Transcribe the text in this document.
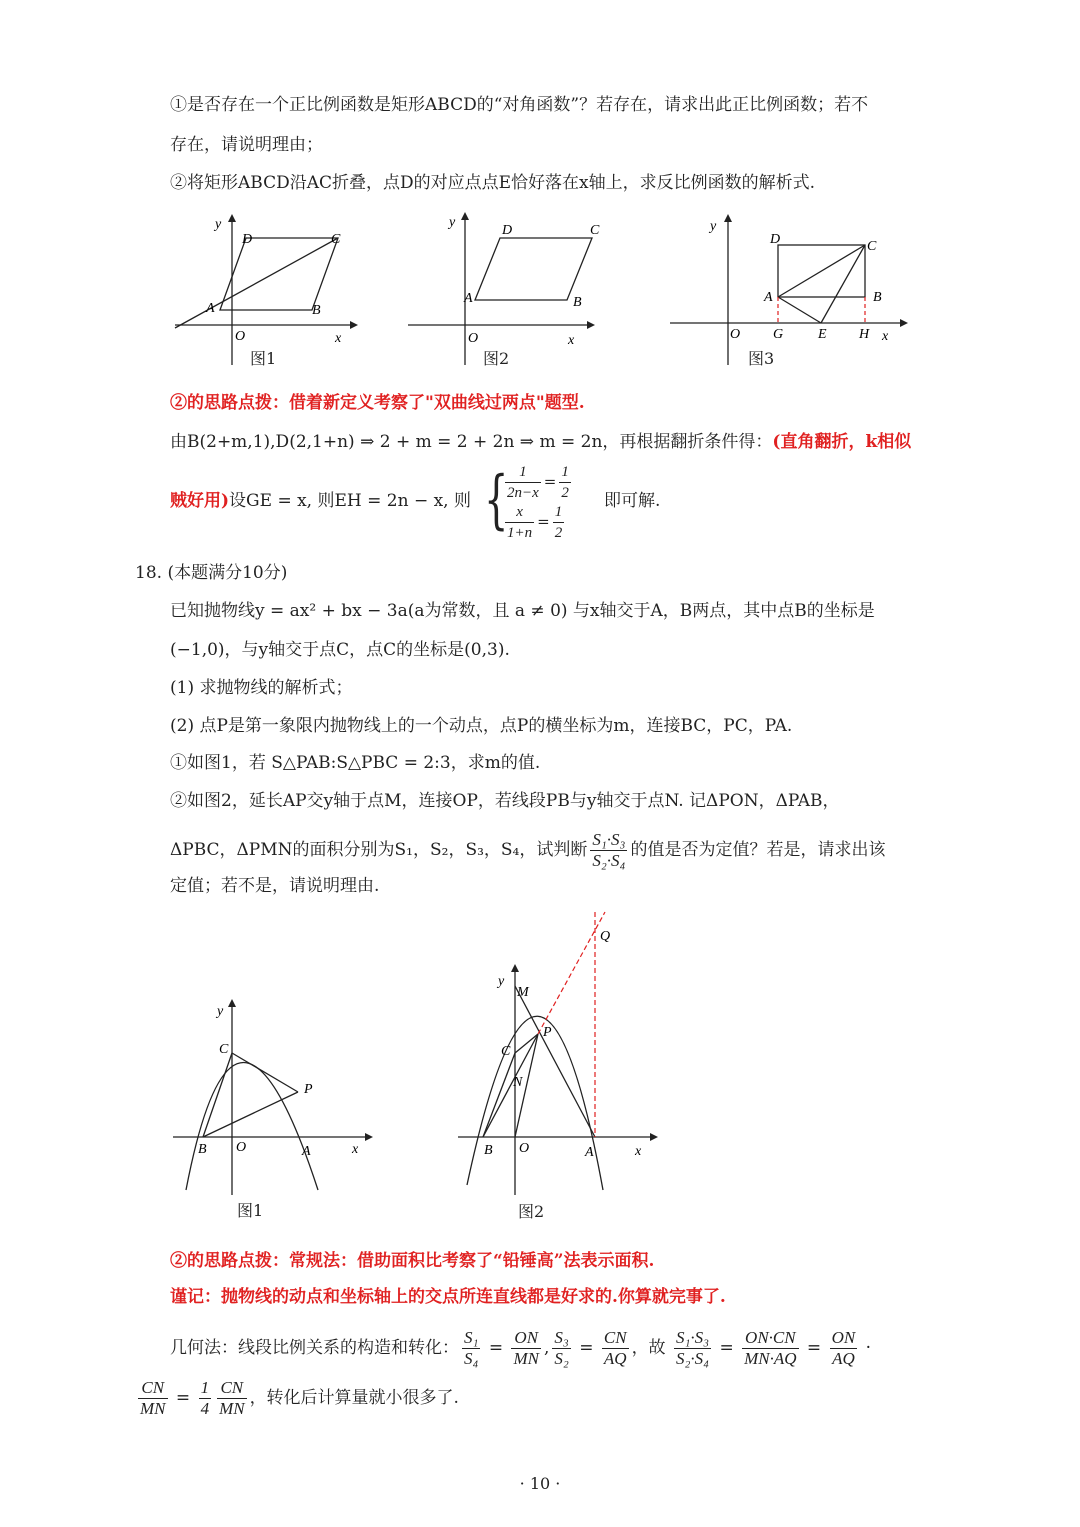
①是否存在一个正比例函数是矩形ABCD的“对角函数”？若存在，请求出此正比例函数；若不
存在，请说明理由；
②将矩形ABCD沿AC折叠，点D的对应点点E恰好落在x轴上，求反比例函数的解析式.
y
D	C
A	B
O	x
图1
y
D	C
A	B
O	x
图2
y
D	C
A	B
O G E H x
图3
②的思路点拨：借着新定义考察了"双曲线过两点"题型.
由B(2+m,1),D(2,1+n) ⇒ 2 + m = 2 + 2n ⇒ m = 2n，再根据翻折条件得：(直角翻折，k相似
贼好用)设GE = x, 则EH = 2n − x, 则 {
$\frac{1}{2n-x} = \frac{1}{2}$
$\frac{x}{1+n} = \frac{1}{2}$
即可解.
18. (本题满分10分)
已知抛物线y = ax² + bx − 3a(a为常数，且 a ≠ 0) 与x轴交于A，B两点，其中点B的坐标是
(−1,0)，与y轴交于点C，点C的坐标是(0,3).
(1) 求抛物线的解析式；
(2) 点P是第一象限内抛物线上的一个动点，点P的横坐标为m，连接BC，PC，PA.
①如图1，若 S△PAB:S△PBC = 2:3，求m的值.
②如图2，延长AP交y轴于点M，连接OP，若线段PB与y轴交于点N. 记ΔPON，ΔPAB，
ΔPBC，ΔPMN的面积分别为S₁，S₂，S₃，S₄，试判断 $\frac{\text{S₁·S₃}}{\text{S₂·S₄}}$ 的值是否为定值？若是，请求出该
定值；若不是，请说明理由.
y
C
P
B O	A	x
图1
y
M
Q
P
C
N
B O	A	x
图2
②的思路点拨：常规法：借助面积比考察了“铅锤高”法表示面积.
谨记：抛物线的动点和坐标轴上的交点所连直线都是好求的.你算就完事了.
几何法：线段比例关系的构造和转化： $\frac{\text{S₁}}{\text{S₄}} = \frac{ON}{MN}$ , $\frac{\text{S₃}}{\text{S₂}} = \frac{CN}{AQ}$ ，故 $\frac{\text{S₁·S₃}}{\text{S₂·S₄}} = \frac{ON\cdot CN}{MN\cdot AQ} = \frac{ON}{AQ}$ ·
$\frac{CN}{MN} = \frac{1}{4} \frac{CN}{MN}$ ，转化后计算量就小很多了.
· 10 ·
